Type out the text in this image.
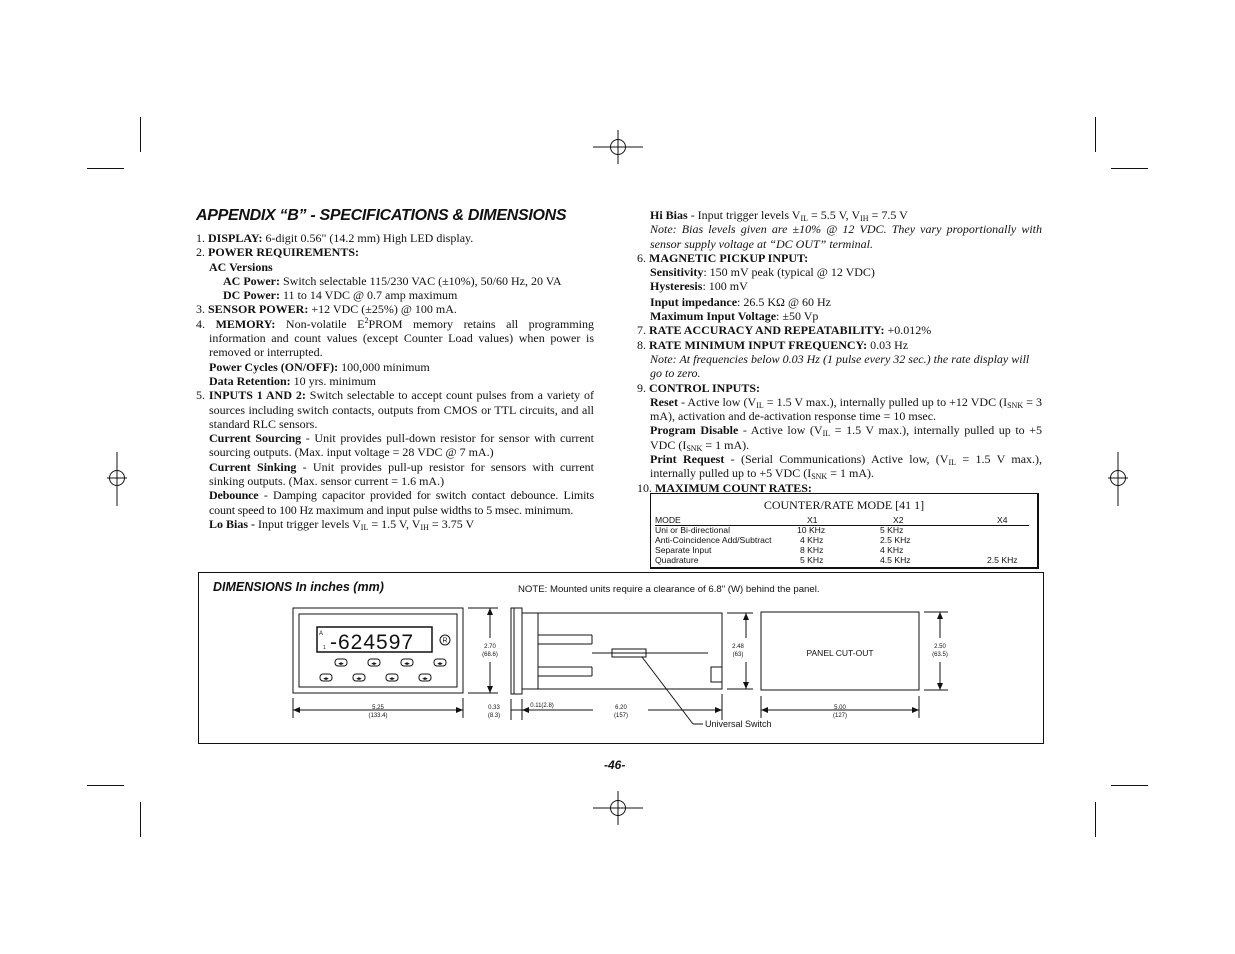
APPENDIX “B” - SPECIFICATIONS & DIMENSIONS

1. DISPLAY: 6-digit 0.56" (14.2 mm) High LED display.

2. POWER REQUIREMENTS:

AC Versions

AC Power: Switch selectable 115/230 VAC (±10%), 50/60 Hz, 20 VA

DC Power: 11 to 14 VDC @ 0.7 amp maximum

3. SENSOR POWER: +12 VDC (±25%) @ 100 mA.

4. MEMORY: Non-volatile $E^2PROM$ memory retains all programming information and count values (except Counter Load values) when power is removed or interrupted.

Power Cycles (ON/OFF): 100,000 minimum

Data Retention: 10 yrs. minimum

5. INPUTS 1 AND 2: Switch selectable to accept count pulses from a variety of sources including switch contacts, outputs from CMOS or TTL circuits, and all standard RLC sensors.

Current Sourcing - Unit provides pull-down resistor for sensor with current sourcing outputs. (Max. input voltage = 28 VDC @ 7 mA.)

Current Sinking - Unit provides pull-up resistor for sensors with current sinking outputs. (Max. sensor current = 1.6 mA.)

Debounce - Damping capacitor provided for switch contact debounce. Limits count speed to 100 Hz maximum and input pulse widths to 5 msec. minimum.

Lo Bias - Input trigger levels $V_{IL} = 1.5$ V, $V_{IH} = 3.75$ V

Hi Bias - Input trigger levels $V_{IL} = 5.5$ V, $V_{IH} = 7.5$ V

Note: Bias levels given are ±10% @ 12 VDC. They vary proportionally with sensor supply voltage at “DC OUT” terminal.

6. MAGNETIC PICKUP INPUT:

Sensitivity: 150 mV peak (typical @ 12 VDC)

Hysteresis: 100 mV

Input impedance: 26.5 KΩ @ 60 Hz

Maximum Input Voltage: ±50 Vp

7. RATE ACCURACY AND REPEATABILITY: +0.012%

8. RATE MINIMUM INPUT FREQUENCY: 0.03 Hz

Note: At frequencies below 0.03 Hz (1 pulse every 32 sec.) the rate display will go to zero.

9. CONTROL INPUTS:

Reset - Active low ($V_{IL} = 1.5$ V max.), internally pulled up to +12 VDC ($I_{SNK} = 3$ mA), activation and de-activation response time = 10 msec.

Program Disable - Active low ($V_{IL} = 1.5$ V max.), internally pulled up to +5 VDC ($I_{SNK} = 1$ mA).

Print Request - (Serial Communications) Active low, ($V_{IL} = 1.5$ V max.), internally pulled up to +5 VDC ($I_{SNK} = 1$ mA).

10. MAXIMUM COUNT RATES:

COUNTER/RATE MODE [41 1]
MODE	X1	X2	X4
Uni or Bi-directional	10 KHz	5 KHz
Anti-Coincidence Add/Subtract	4 KHz	2.5 KHz
Separate Input	8 KHz	4 KHz
Quadrature	5 KHz	4.5 KHz	2.5 KHz
DIMENSIONS In inches (mm)	NOTE: Mounted units require a clearance of 6.8" (W) behind the panel.
◂▸	◂▸	◂▸	◂▸
◂▸	◂▸	◂▸	◂▸
-624597
A
1
R
2.70
(68.6)
5.25
(133.4)
0.33
(8.3)
0.11(2.8)	6.20
(157)
2.48
(63)
2.50
(63.5)
5.00
(127)
PANEL CUT-OUT
Universal Switch
-46-
